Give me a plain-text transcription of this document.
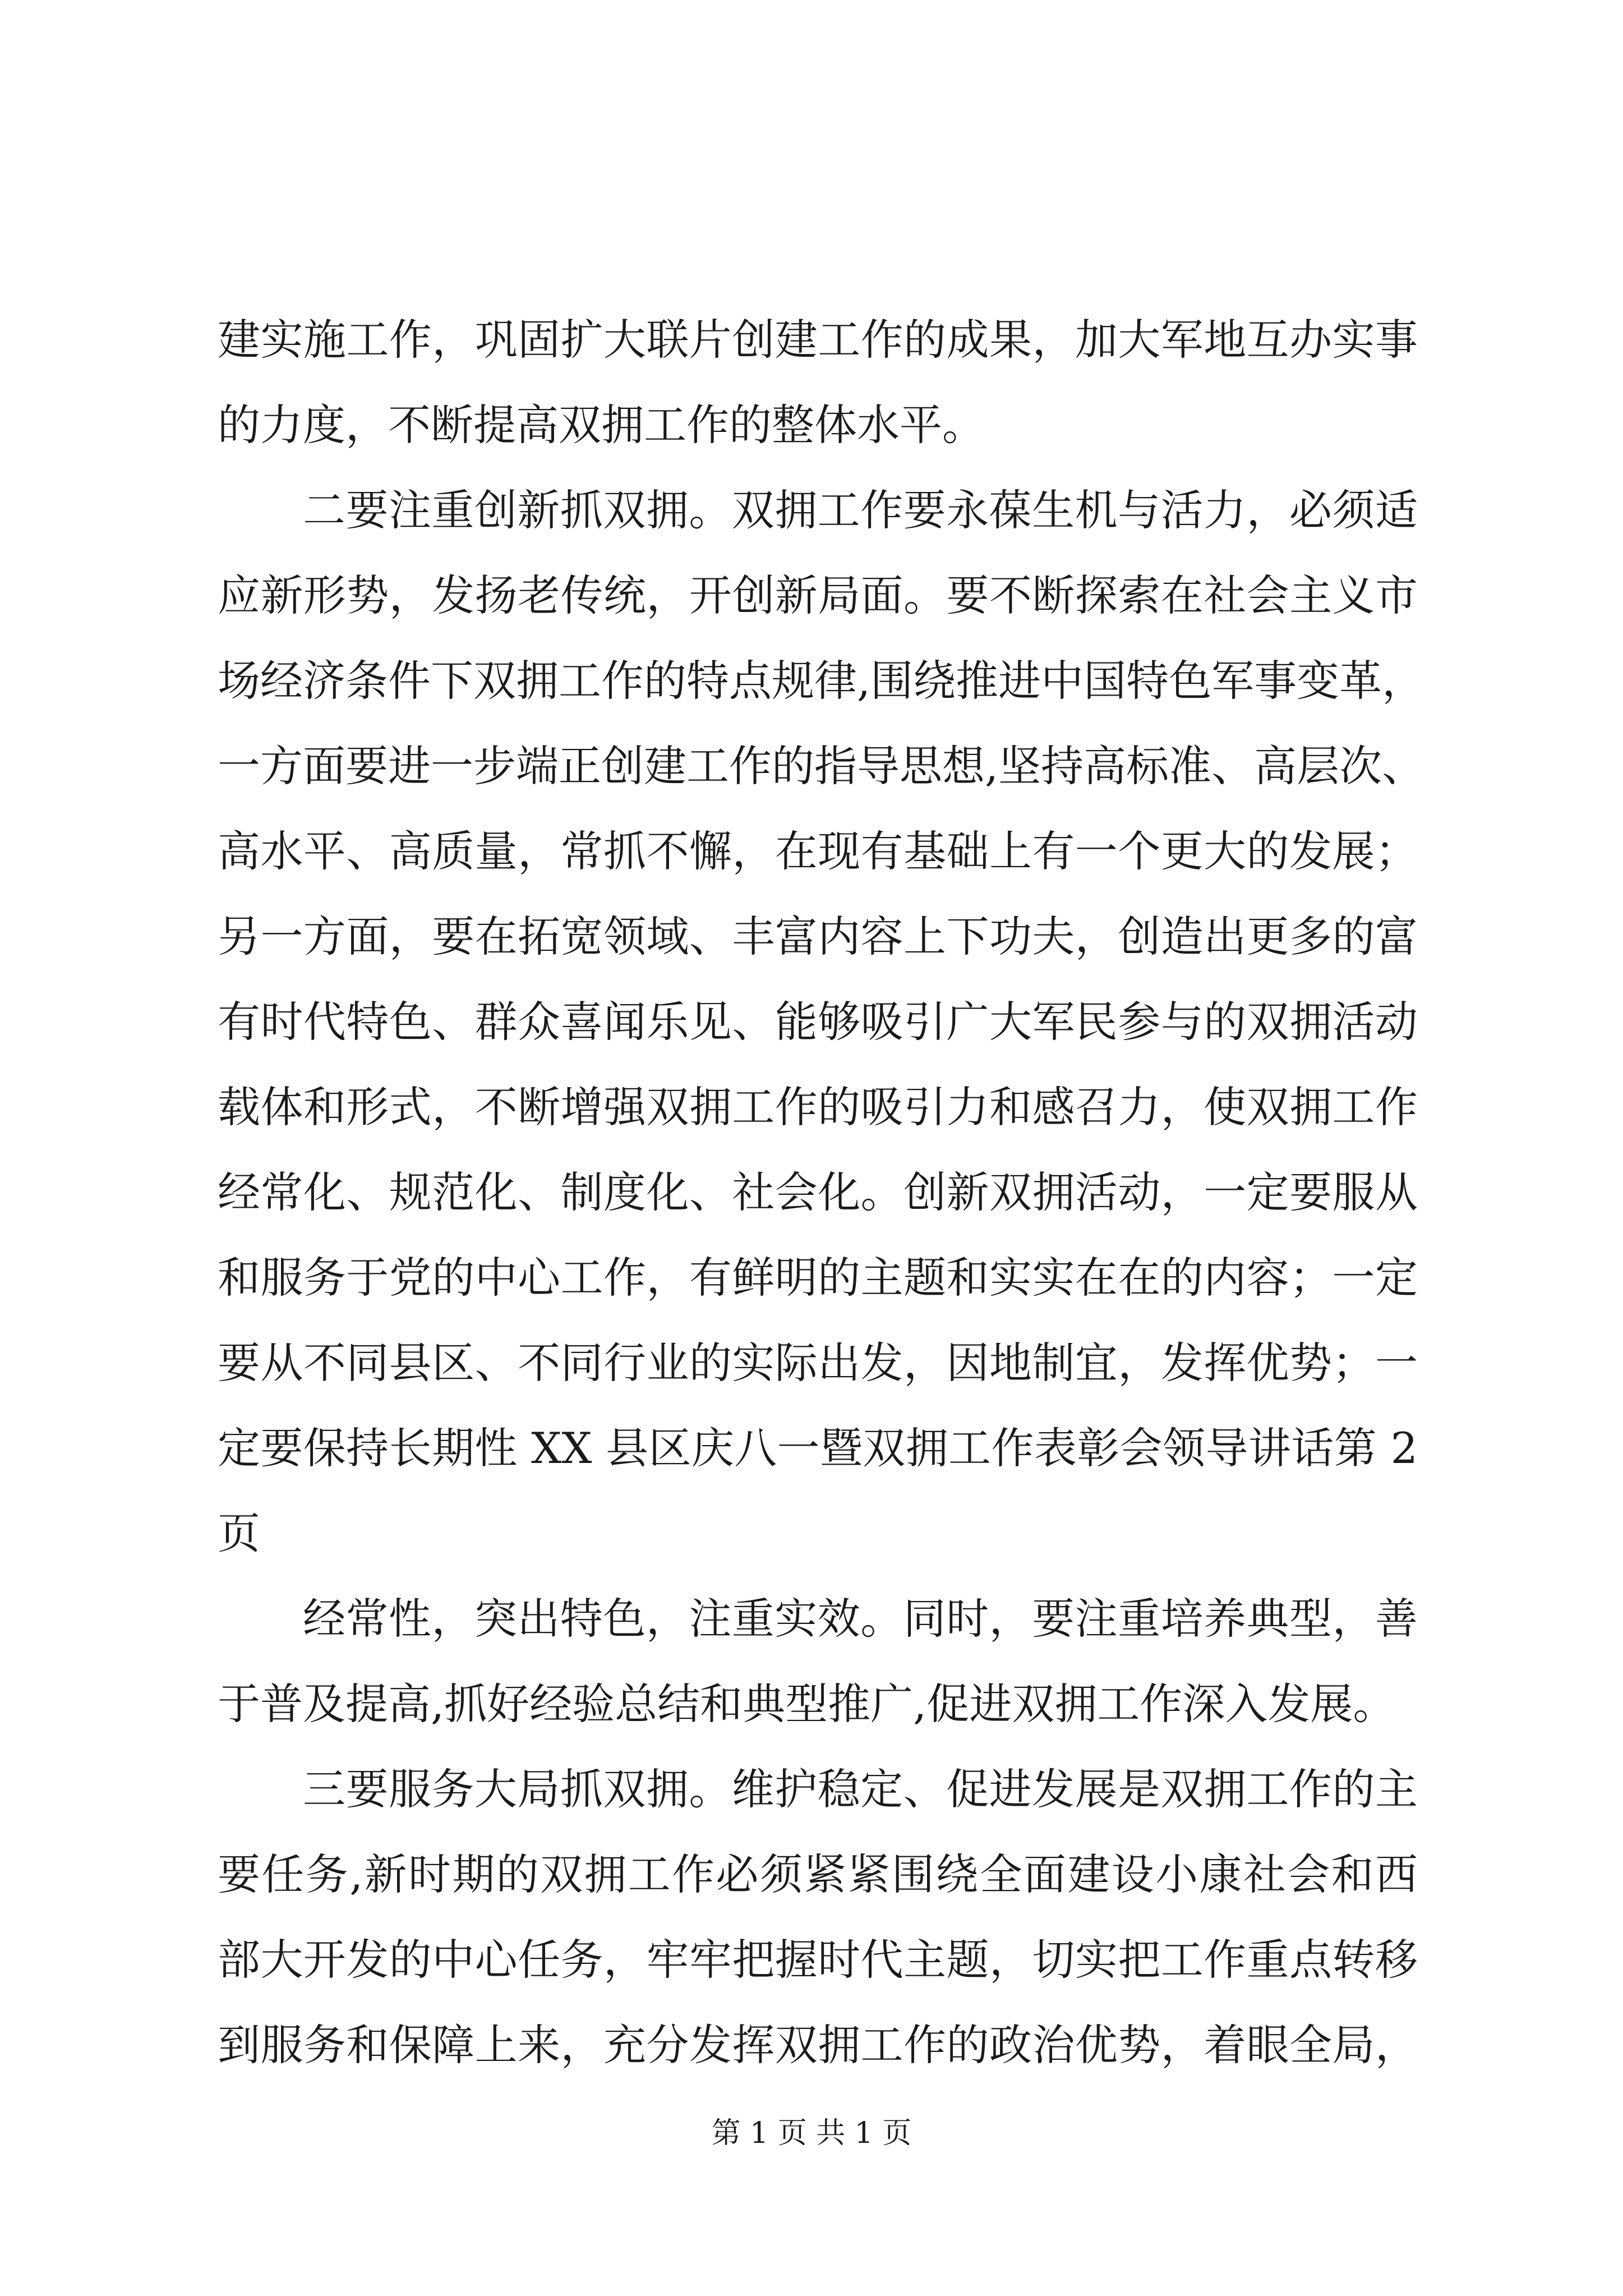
建实施工作，巩固扩大联片创建工作的成果，加大军地互办实事
的力度，不断提高双拥工作的整体水平。
二要注重创新抓双拥。双拥工作要永葆生机与活力，必须适
应新形势，发扬老传统，开创新局面。要不断探索在社会主义市
场经济条件下双拥工作的特点规律,围绕推进中国特色军事变革，
一方面要进一步端正创建工作的指导思想,坚持高标准、高层次、
高水平、高质量，常抓不懈，在现有基础上有一个更大的发展；
另一方面，要在拓宽领域、丰富内容上下功夫，创造出更多的富
有时代特色、群众喜闻乐见、能够吸引广大军民参与的双拥活动
载体和形式，不断增强双拥工作的吸引力和感召力，使双拥工作
经常化、规范化、制度化、社会化。创新双拥活动，一定要服从
和服务于党的中心工作，有鲜明的主题和实实在在的内容；一定
要从不同县区、不同行业的实际出发，因地制宜，发挥优势；一
定要保持长期性 XX 县区庆八一暨双拥工作表彰会领导讲话第 2
页
经常性，突出特色，注重实效。同时，要注重培养典型，善
于普及提高,抓好经验总结和典型推广,促进双拥工作深入发展。
三要服务大局抓双拥。维护稳定、促进发展是双拥工作的主
要任务,新时期的双拥工作必须紧紧围绕全面建设小康社会和西
部大开发的中心任务，牢牢把握时代主题，切实把工作重点转移
到服务和保障上来，充分发挥双拥工作的政治优势，着眼全局，
第 1 页 共 1 页
